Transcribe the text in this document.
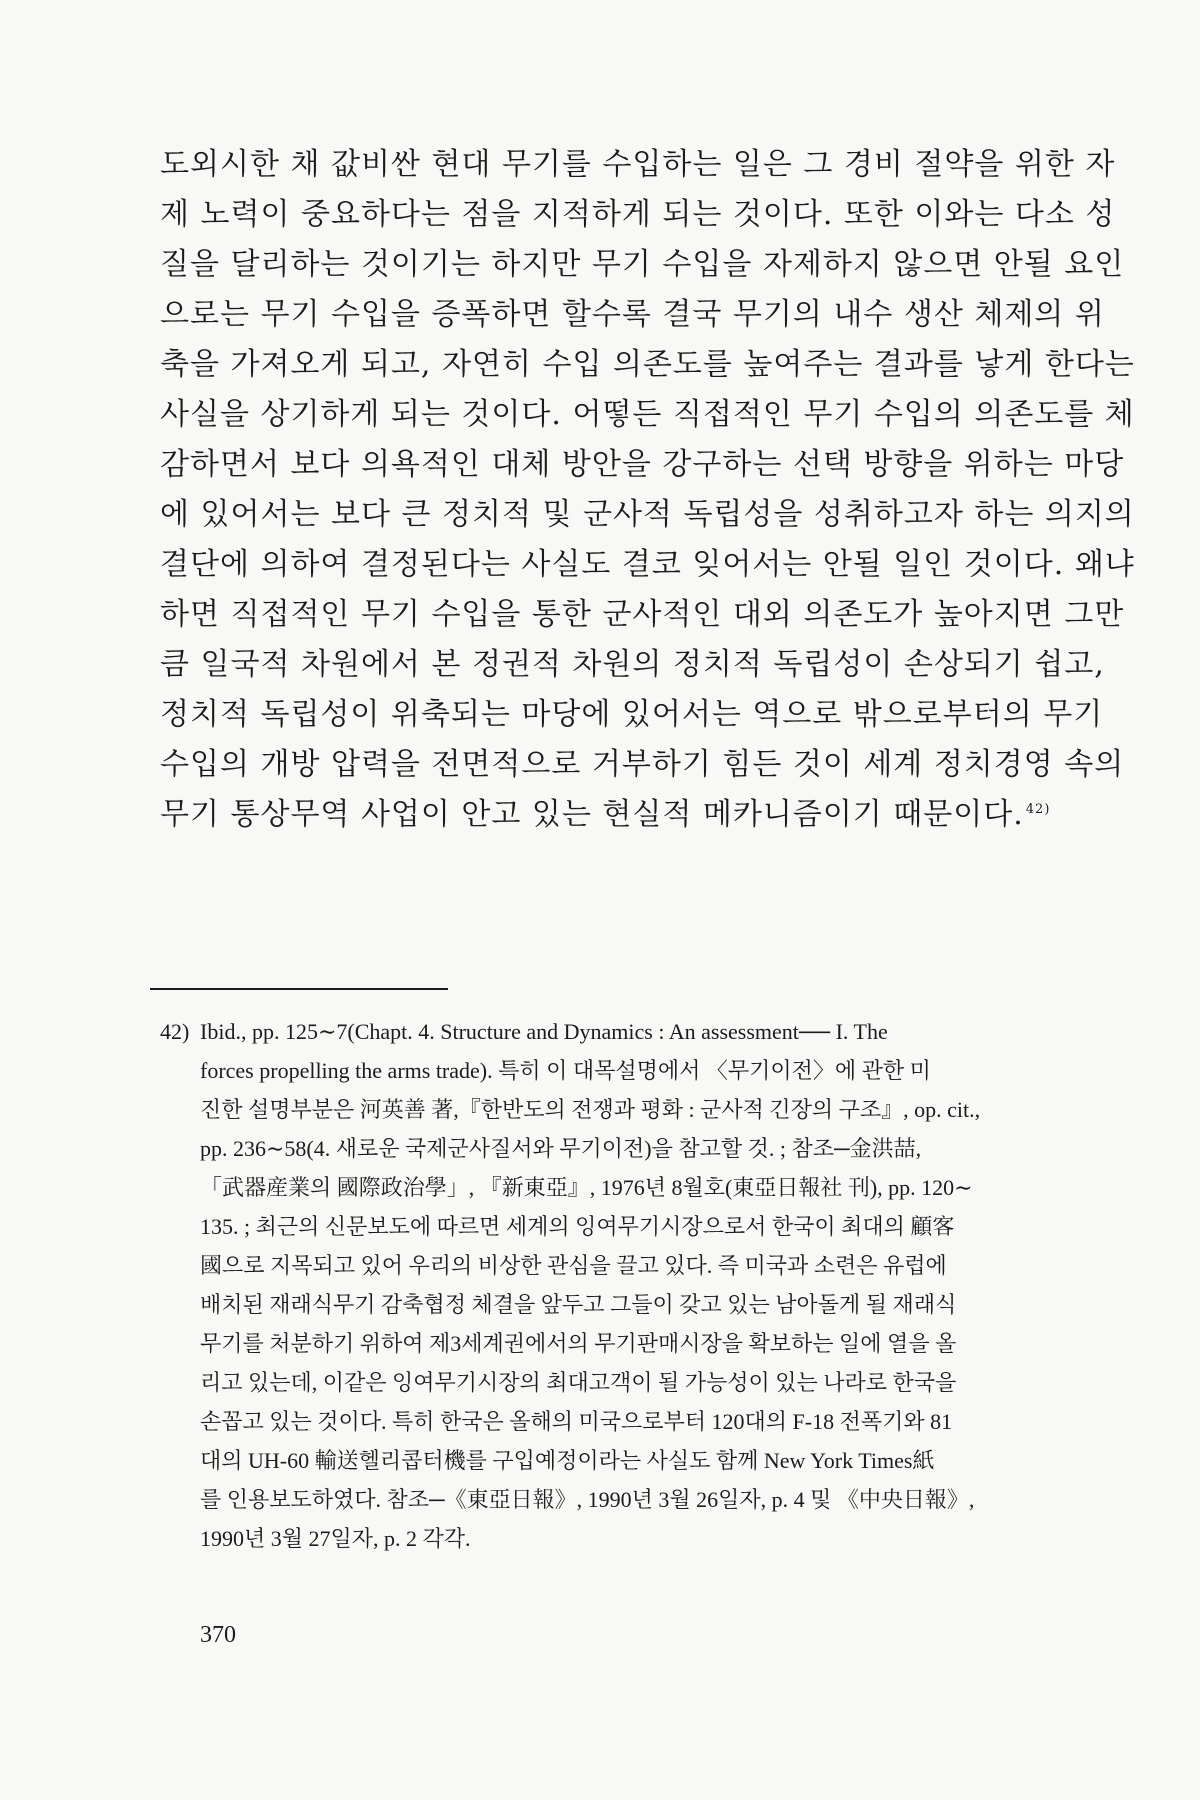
도외시한 채 값비싼 현대 무기를 수입하는 일은 그 경비 절약을 위한 자
제 노력이 중요하다는 점을 지적하게 되는 것이다. 또한 이와는 다소 성
질을 달리하는 것이기는 하지만 무기 수입을 자제하지 않으면 안될 요인
으로는 무기 수입을 증폭하면 할수록 결국 무기의 내수 생산 체제의 위
축을 가져오게 되고, 자연히 수입 의존도를 높여주는 결과를 낳게 한다는
사실을 상기하게 되는 것이다. 어떻든 직접적인 무기 수입의 의존도를 체
감하면서 보다 의욕적인 대체 방안을 강구하는 선택 방향을 위하는 마당
에 있어서는 보다 큰 정치적 및 군사적 독립성을 성취하고자 하는 의지의
결단에 의하여 결정된다는 사실도 결코 잊어서는 안될 일인 것이다. 왜냐
하면 직접적인 무기 수입을 통한 군사적인 대외 의존도가 높아지면 그만
큼 일국적 차원에서 본 정권적 차원의 정치적 독립성이 손상되기 쉽고,
정치적 독립성이 위축되는 마당에 있어서는 역으로 밖으로부터의 무기
수입의 개방 압력을 전면적으로 거부하기 힘든 것이 세계 정치경영 속의
무기 통상무역 사업이 안고 있는 현실적 메카니즘이기 때문이다. $^{42)}$
42) Ibid., pp. 125∼7(Chapt. 4. Structure and Dynamics : An assessment── I. The
forces propelling the arms trade). 특히 이 대목설명에서 〈무기이전〉에 관한 미
진한 설명부분은 河英善 著,『한반도의 전쟁과 평화 : 군사적 긴장의 구조』, op. cit.,
pp. 236∼58(4. 새로운 국제군사질서와 무기이전)을 참고할 것. ; 참조─金洪喆,
「武器産業의 國際政治學」, 『新東亞』, 1976년 8월호(東亞日報社 刊), pp. 120∼
135. ; 최근의 신문보도에 따르면 세계의 잉여무기시장으로서 한국이 최대의 顧客
國으로 지목되고 있어 우리의 비상한 관심을 끌고 있다. 즉 미국과 소련은 유럽에
배치된 재래식무기 감축협정 체결을 앞두고 그들이 갖고 있는 남아돌게 될 재래식
무기를 처분하기 위하여 제3세계권에서의 무기판매시장을 확보하는 일에 열을 올
리고 있는데, 이같은 잉여무기시장의 최대고객이 될 가능성이 있는 나라로 한국을
손꼽고 있는 것이다. 특히 한국은 올해의 미국으로부터 120대의 F-18 전폭기와 81
대의 UH-60 輸送헬리콥터機를 구입예정이라는 사실도 함께 New York Times紙
를 인용보도하였다. 참조─《東亞日報》, 1990년 3월 26일자, p. 4 및 《中央日報》,
1990년 3월 27일자, p. 2 각각.
370
